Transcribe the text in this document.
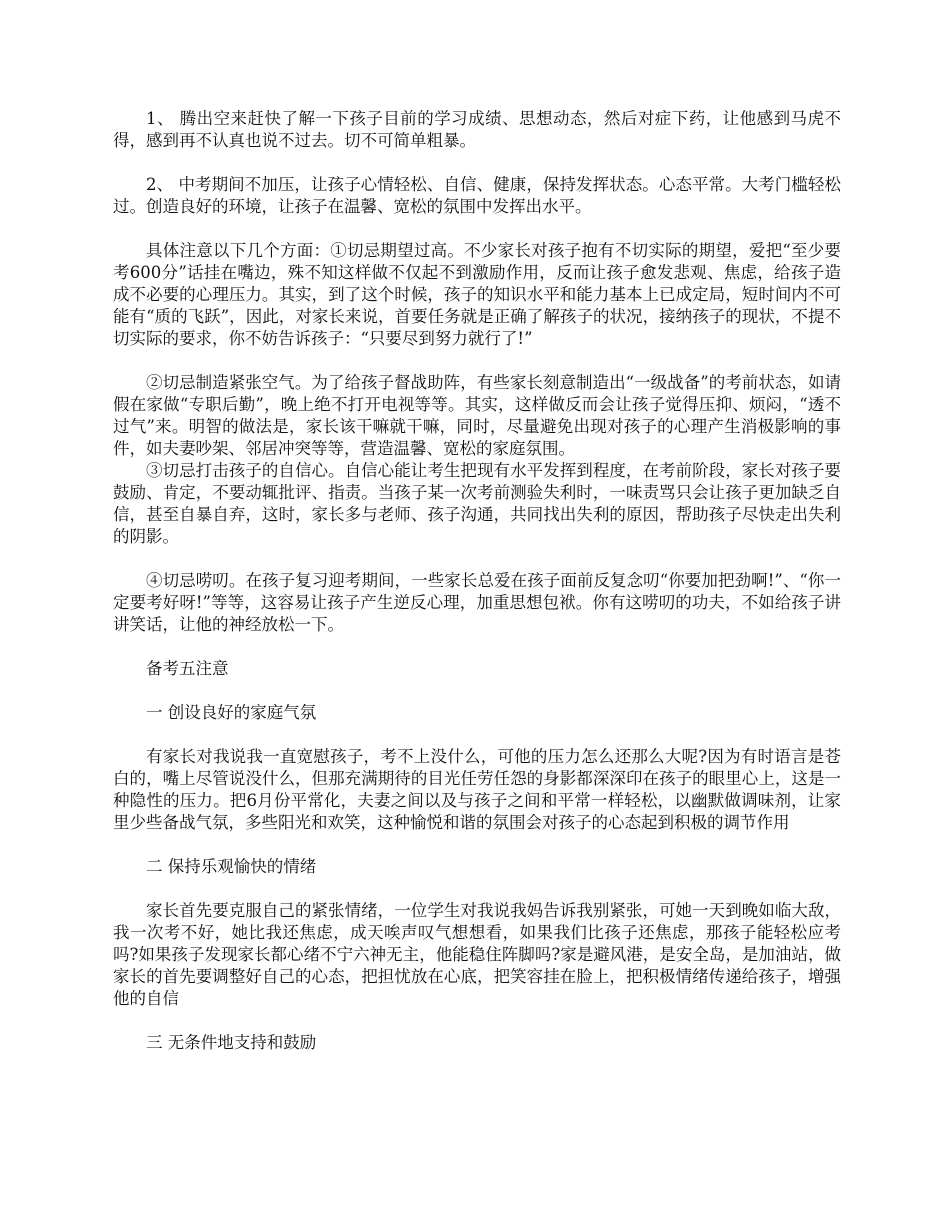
1、 腾出空来赶快了解一下孩子目前的学习成绩、思想动态，然后对症下药，让他感到马虎不得，感到再不认真也说不过去。切不可简单粗暴。

2、 中考期间不加压，让孩子心情轻松、自信、健康，保持发挥状态。心态平常。大考门槛轻松过。创造良好的环境，让孩子在温馨、宽松的氛围中发挥出水平。

具体注意以下几个方面：①切忌期望过高。不少家长对孩子抱有不切实际的期望，爱把“至少要考600分”话挂在嘴边，殊不知这样做不仅起不到激励作用，反而让孩子愈发悲观、焦虑，给孩子造成不必要的心理压力。其实，到了这个时候，孩子的知识水平和能力基本上已成定局，短时间内不可能有“质的飞跃”，因此，对家长来说，首要任务就是正确了解孩子的状况，接纳孩子的现状，不提不切实际的要求，你不妨告诉孩子：“只要尽到努力就行了!”

②切忌制造紧张空气。为了给孩子督战助阵，有些家长刻意制造出“一级战备”的考前状态，如请假在家做“专职后勤”，晚上绝不打开电视等等。其实，这样做反而会让孩子觉得压抑、烦闷，“透不过气”来。明智的做法是，家长该干嘛就干嘛，同时，尽量避免出现对孩子的心理产生消极影响的事件，如夫妻吵架、邻居冲突等等，营造温馨、宽松的家庭氛围。

③切忌打击孩子的自信心。自信心能让考生把现有水平发挥到程度，在考前阶段，家长对孩子要鼓励、肯定，不要动辄批评、指责。当孩子某一次考前测验失利时，一味责骂只会让孩子更加缺乏自信，甚至自暴自弃，这时，家长多与老师、孩子沟通，共同找出失利的原因，帮助孩子尽快走出失利的阴影。

④切忌唠叨。在孩子复习迎考期间，一些家长总爱在孩子面前反复念叨“你要加把劲啊!”、“你一定要考好呀!”等等，这容易让孩子产生逆反心理，加重思想包袱。你有这唠叨的功夫，不如给孩子讲讲笑话，让他的神经放松一下。

备考五注意

一 创设良好的家庭气氛

有家长对我说我一直宽慰孩子，考不上没什么，可他的压力怎么还那么大呢?因为有时语言是苍白的，嘴上尽管说没什么，但那充满期待的目光任劳任怨的身影都深深印在孩子的眼里心上，这是一种隐性的压力。把6月份平常化，夫妻之间以及与孩子之间和平常一样轻松，以幽默做调味剂，让家里少些备战气氛，多些阳光和欢笑，这种愉悦和谐的氛围会对孩子的心态起到积极的调节作用

二 保持乐观愉快的情绪

家长首先要克服自己的紧张情绪，一位学生对我说我妈告诉我别紧张，可她一天到晚如临大敌，我一次考不好，她比我还焦虑，成天唉声叹气想想看，如果我们比孩子还焦虑，那孩子能轻松应考吗?如果孩子发现家长都心绪不宁六神无主，他能稳住阵脚吗?家是避风港，是安全岛，是加油站，做家长的首先要调整好自己的心态，把担忧放在心底，把笑容挂在脸上，把积极情绪传递给孩子，增强他的自信

三 无条件地支持和鼓励
